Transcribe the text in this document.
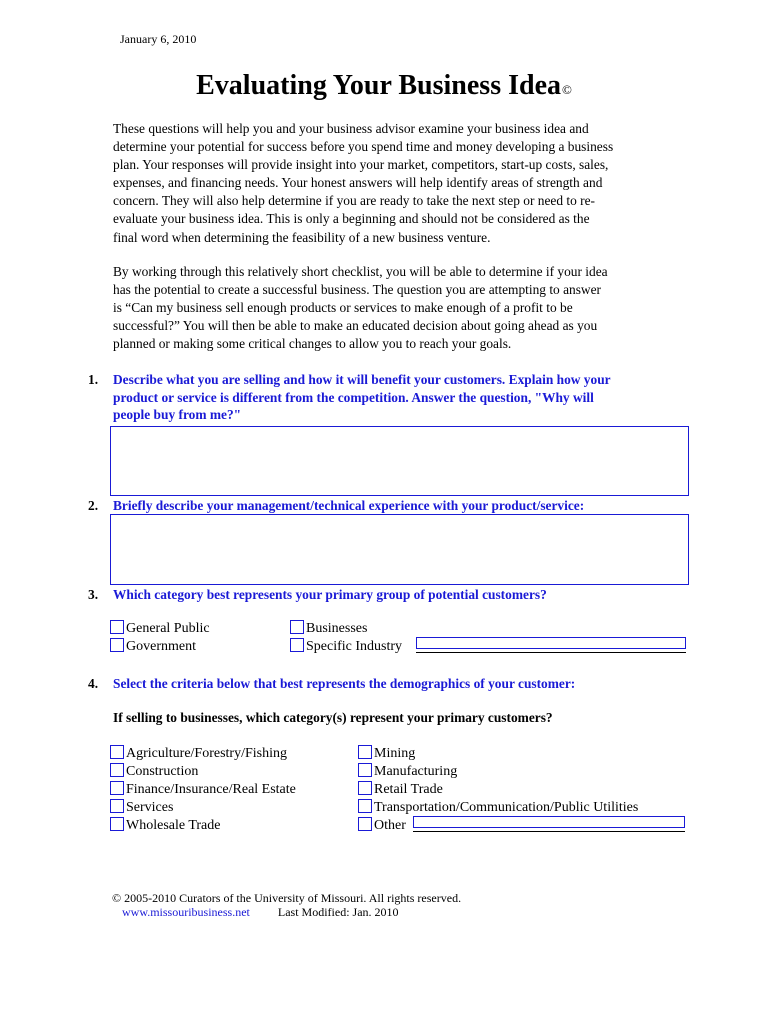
January 6, 2010
Evaluating Your Business Idea©
These questions will help you and your business advisor examine your business idea and
determine your potential for success before you spend time and money developing a business
plan. Your responses will provide insight into your market, competitors, start-up costs, sales,
expenses, and financing needs. Your honest answers will help identify areas of strength and
concern. They will also help determine if you are ready to take the next step or need to re-
evaluate your business idea. This is only a beginning and should not be considered as the
final word when determining the feasibility of a new business venture.
By working through this relatively short checklist, you will be able to determine if your idea
has the potential to create a successful business. The question you are attempting to answer
is “Can my business sell enough products or services to make enough of a profit to be
successful?” You will then be able to make an educated decision about going ahead as you
planned or making some critical changes to allow you to reach your goals.
1. Describe what you are selling and how it will benefit your customers. Explain how your
product or service is different from the competition. Answer the question, "Why will
people buy from me?"
2. Briefly describe your management/technical experience with your product/service:
3. Which category best represents your primary group of potential customers?
General Public
Government
Businesses
Specific Industry
4. Select the criteria below that best represents the demographics of your customer:
If selling to businesses, which category(s) represent your primary customers?
Agriculture/Forestry/Fishing
Construction
Finance/Insurance/Real Estate
Services
Wholesale Trade
Mining
Manufacturing
Retail Trade
Transportation/Communication/Public Utilities
Other
© 2005-2010 Curators of the University of Missouri. All rights reserved.
www.missouribusiness.net Last Modified: Jan. 2010
